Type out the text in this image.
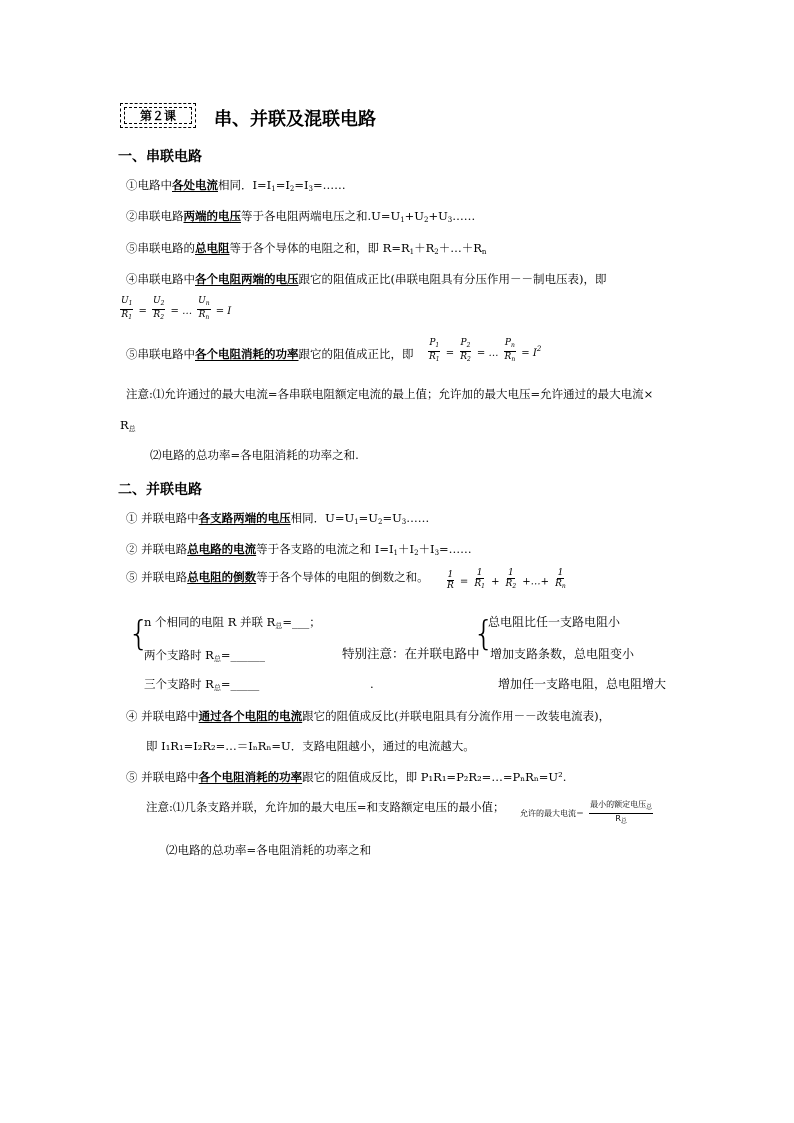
第２课	串、并联及混联电路
一、串联电路
①电路中各处电流相同．$I=I_1=I_2=I_3=\dots\dots$
②串联电路两端的电压等于各电阻两端电压之和$.U=U_1+U_2+U_3\dots\dots$
⑤串联电路的总电阻等于各个导体的电阻之和，即 $R=R_1+R_2+\dots+R_n$
④串联电路中各个电阻两端的电压跟它的阻值成正比(串联电阻具有分压作用－－制电压表)，即
$\frac{U_1}{R_1} = \frac{U_2}{R_2}$ = … $\frac{U_n}{R_n} = I$
⑤串联电路中各个电阻消耗的功率跟它的阻值成正比，即 $\frac{P_1}{R_1} = \frac{P_2}{R_2}$ = … $\frac{P_n}{R_n} = I^2$
注意:⑴允许通过的最大电流=各串联电阻额定电流的最上值；允许加的最大电压=允许通过的最大电流×
$R_总$
⑵电路的总功率=各电阻消耗的功率之和.
二、并联电路
① 并联电路中各支路两端的电压相同．$U=U_1=U_2=U_3\dots\dots$
② 并联电路总电路的电流等于各支路的电流之和 $I=I_1+I_2+I_3=\dots\dots$
⑤ 并联电路总电阻的倒数等于各个导体的电阻的倒数之和。 $\frac{1}{R} = \frac{1}{R_1} + \frac{1}{R_2}$ +…+ $\frac{1}{R_n}$
{
n 个相同的电阻 R 并联 $R_总=\_\_\_$；
两个支路时 $R_总=\_\_\_\_\_\_$
三个支路时 $R_总=\_\_\_\_\_$
特别注意：在并联电路中
{
总电阻比任一支路电阻小
增加支路条数，总电阻变小
.	增加任一支路电阻，总电阻增大
④ 并联电路中通过各个电阻的电流跟它的阻值成反比(并联电阻具有分流作用－－改装电流表)，
即 I₁R₁=I₂R₂=…＝IₙRₙ=U．支路电阻越小，通过的电流越大。
⑤ 并联电路中各个电阻消耗的功率跟它的阻值成反比，即 P₁R₁=P₂R₂=…=PₙRₙ=U².
注意:⑴几条支路并联，允许加的最大电压=和支路额定电压的最小值； 允许的最大电流＝ $\frac{最小的额定电压_总}{R_总}$
⑵电路的总功率=各电阻消耗的功率之和
